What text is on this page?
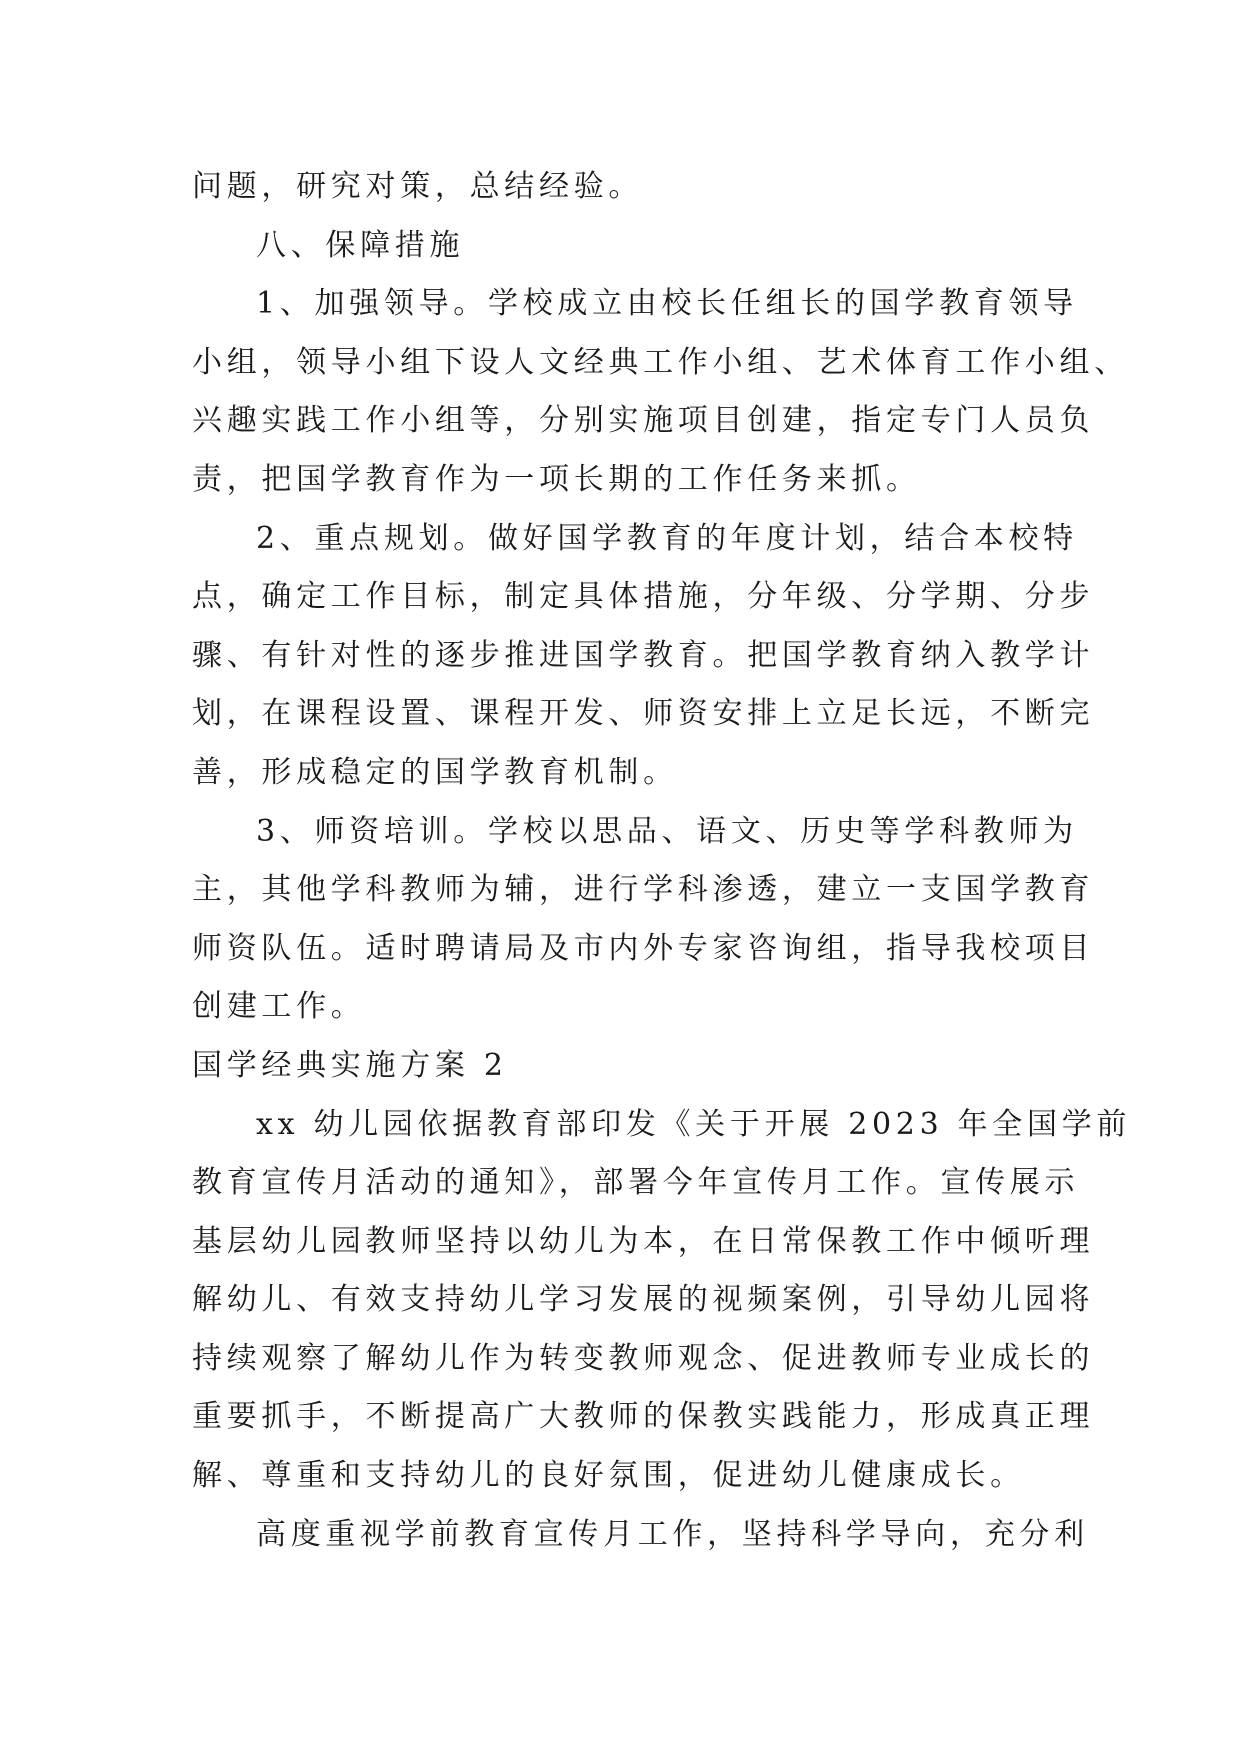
问题，研究对策，总结经验。
八、保障措施
1、加强领导。学校成立由校长任组长的国学教育领导
小组，领导小组下设人文经典工作小组、艺术体育工作小组、
兴趣实践工作小组等，分别实施项目创建，指定专门人员负
责，把国学教育作为一项长期的工作任务来抓。
2、重点规划。做好国学教育的年度计划，结合本校特
点，确定工作目标，制定具体措施，分年级、分学期、分步
骤、有针对性的逐步推进国学教育。把国学教育纳入教学计
划，在课程设置、课程开发、师资安排上立足长远，不断完
善，形成稳定的国学教育机制。
3、师资培训。学校以思品、语文、历史等学科教师为
主，其他学科教师为辅，进行学科渗透，建立一支国学教育
师资队伍。适时聘请局及市内外专家咨询组，指导我校项目
创建工作。
国学经典实施方案 2
xx 幼儿园依据教育部印发《关于开展 2023 年全国学前
教育宣传月活动的通知》，部署今年宣传月工作。宣传展示
基层幼儿园教师坚持以幼儿为本，在日常保教工作中倾听理
解幼儿、有效支持幼儿学习发展的视频案例，引导幼儿园将
持续观察了解幼儿作为转变教师观念、促进教师专业成长的
重要抓手，不断提高广大教师的保教实践能力，形成真正理
解、尊重和支持幼儿的良好氛围，促进幼儿健康成长。
高度重视学前教育宣传月工作，坚持科学导向，充分利
